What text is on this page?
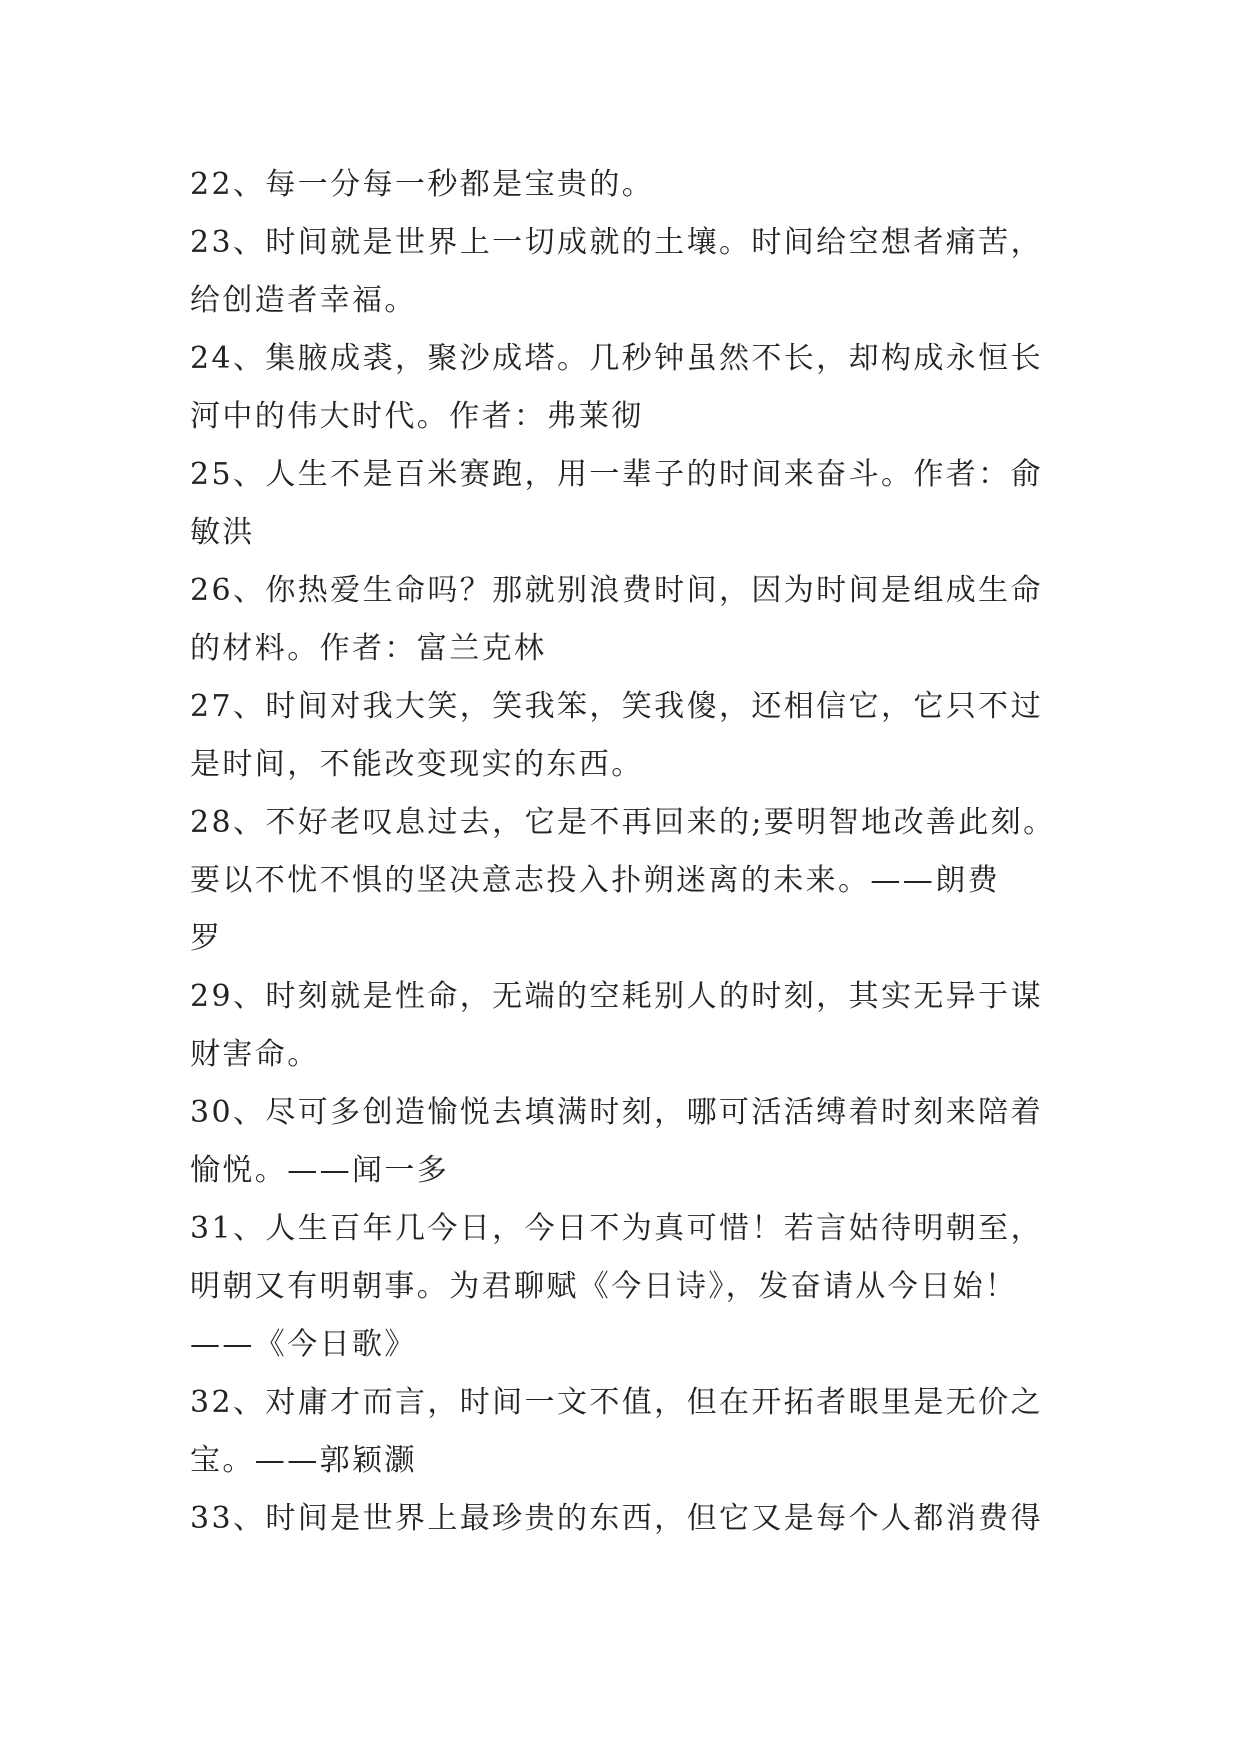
22、每一分每一秒都是宝贵的。
23、时间就是世界上一切成就的土壤。时间给空想者痛苦，
给创造者幸福。
24、集腋成裘，聚沙成塔。几秒钟虽然不长，却构成永恒长
河中的伟大时代。作者：弗莱彻
25、人生不是百米赛跑，用一辈子的时间来奋斗。作者：俞
敏洪
26、你热爱生命吗？那就别浪费时间，因为时间是组成生命
的材料。作者：富兰克林
27、时间对我大笑，笑我笨，笑我傻，还相信它，它只不过
是时间，不能改变现实的东西。
28、不好老叹息过去，它是不再回来的;要明智地改善此刻。
要以不忧不惧的坚决意志投入扑朔迷离的未来。——朗费
罗
29、时刻就是性命，无端的空耗别人的时刻，其实无异于谋
财害命。
30、尽可多创造愉悦去填满时刻，哪可活活缚着时刻来陪着
愉悦。——闻一多
31、人生百年几今日，今日不为真可惜！若言姑待明朝至，
明朝又有明朝事。为君聊赋《今日诗》，发奋请从今日始！
——《今日歌》
32、对庸才而言，时间一文不值，但在开拓者眼里是无价之
宝。——郭颖灏
33、时间是世界上最珍贵的东西，但它又是每个人都消费得
